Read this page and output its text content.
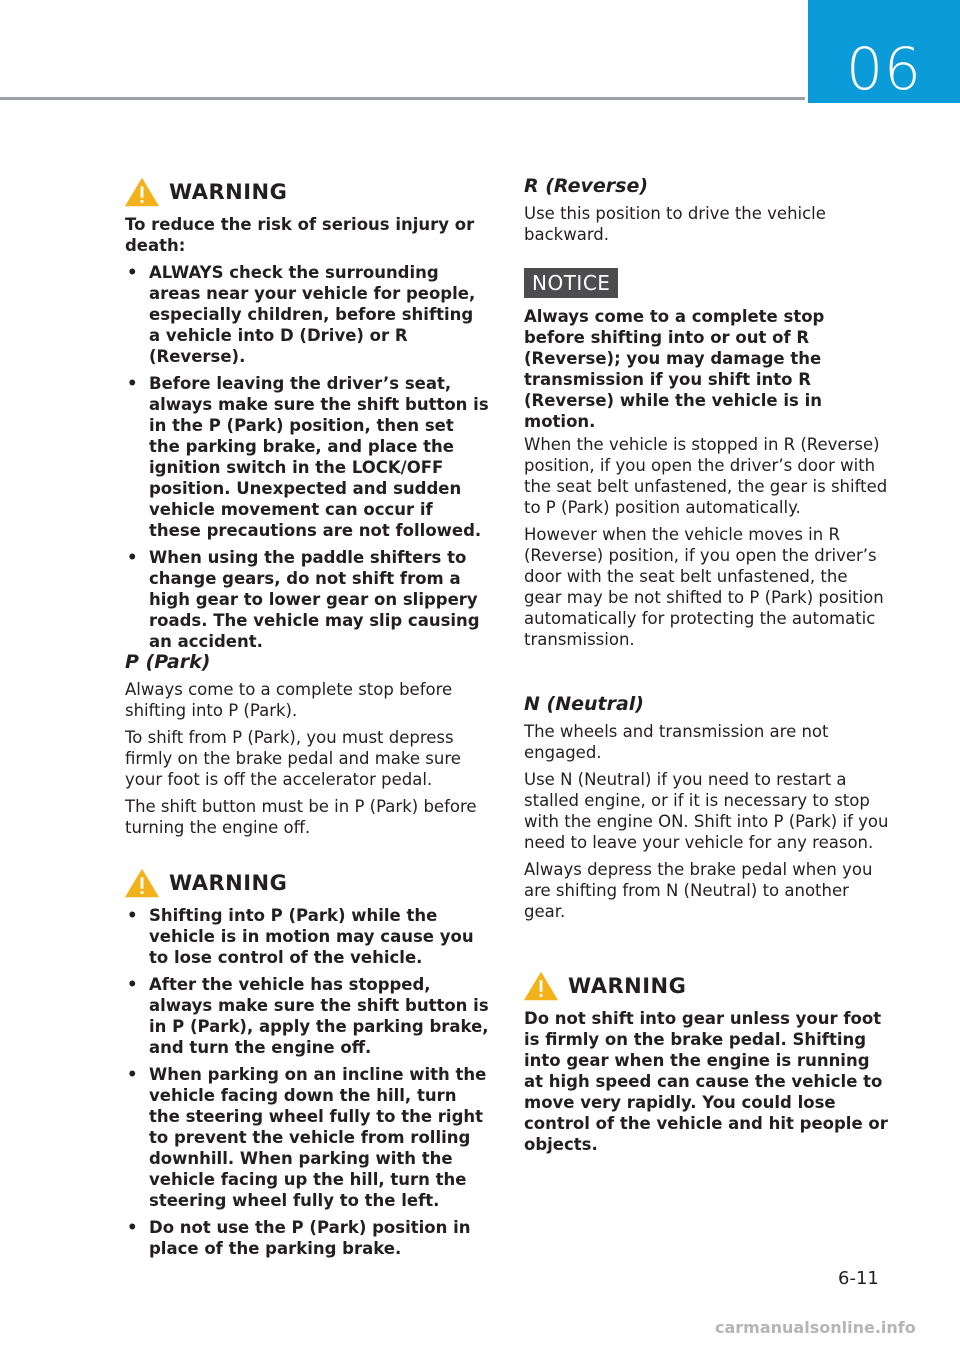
06
WARNING

To reduce the risk of serious injury or death:

• ALWAYS check the surrounding areas near your vehicle for people, especially children, before shifting a vehicle into D (Drive) or R (Reverse).
• Before leaving the driver’s seat, always make sure the shift button is in the P (Park) position, then set the parking brake, and place the ignition switch in the LOCK/OFF position. Unexpected and sudden vehicle movement can occur if these precautions are not followed.
• When using the paddle shifters to change gears, do not shift from a high gear to lower gear on slippery roads. The vehicle may slip causing an accident.

P (Park)

Always come to a complete stop before shifting into P (Park).

To shift from P (Park), you must depress firmly on the brake pedal and make sure your foot is off the accelerator pedal.

The shift button must be in P (Park) before turning the engine off.

WARNING
• Shifting into P (Park) while the vehicle is in motion may cause you to lose control of the vehicle.
• After the vehicle has stopped, always make sure the shift button is in P (Park), apply the parking brake, and turn the engine off.
• When parking on an incline with the vehicle facing down the hill, turn the steering wheel fully to the right to prevent the vehicle from rolling downhill. When parking with the vehicle facing up the hill, turn the steering wheel fully to the left.
• Do not use the P (Park) position in place of the parking brake.

R (Reverse)

Use this position to drive the vehicle backward.

NOTICE

Always come to a complete stop before shifting into or out of R (Reverse); you may damage the transmission if you shift into R (Reverse) while the vehicle is in motion.

When the vehicle is stopped in R (Reverse) position, if you open the driver’s door with the seat belt unfastened, the gear is shifted to P (Park) position automatically.

However when the vehicle moves in R (Reverse) position, if you open the driver’s door with the seat belt unfastened, the gear may be not shifted to P (Park) position automatically for protecting the automatic transmission.

N (Neutral)

The wheels and transmission are not engaged.

Use N (Neutral) if you need to restart a stalled engine, or if it is necessary to stop with the engine ON. Shift into P (Park) if you need to leave your vehicle for any reason.

Always depress the brake pedal when you are shifting from N (Neutral) to another gear.

WARNING

Do not shift into gear unless your foot is firmly on the brake pedal. Shifting into gear when the engine is running at high speed can cause the vehicle to move very rapidly. You could lose control of the vehicle and hit people or objects.

6-11
carmanualsonline.info
